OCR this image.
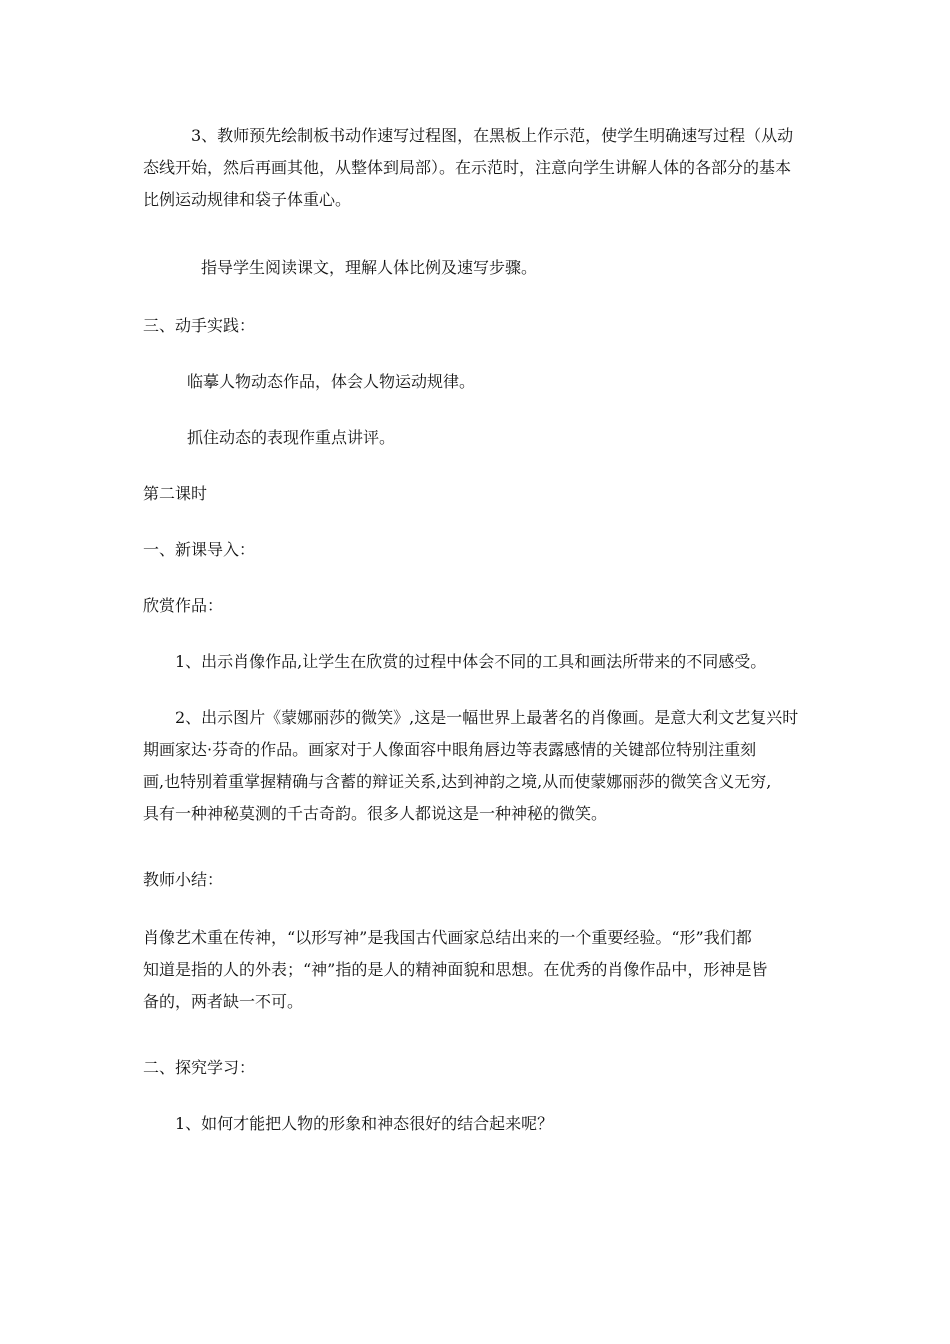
3、教师预先绘制板书动作速写过程图，在黑板上作示范，使学生明确速写过程（从动
态线开始，然后再画其他，从整体到局部）。在示范时，注意向学生讲解人体的各部分的基本
比例运动规律和袋子体重心。
指导学生阅读课文，理解人体比例及速写步骤。
三、动手实践：
临摹人物动态作品，体会人物运动规律。
抓住动态的表现作重点讲评。
第二课时
一、新课导入：
欣赏作品：
1、出示肖像作品,让学生在欣赏的过程中体会不同的工具和画法所带来的不同感受。
2、出示图片《蒙娜丽莎的微笑》,这是一幅世界上最著名的肖像画。是意大利文艺复兴时
期画家达·芬奇的作品。画家对于人像面容中眼角唇边等表露感情的关键部位特别注重刻
画,也特别着重掌握精确与含蓄的辩证关系,达到神韵之境,从而使蒙娜丽莎的微笑含义无穷,
具有一种神秘莫测的千古奇韵。很多人都说这是一种神秘的微笑。
教师小结：
肖像艺术重在传神，“以形写神”是我国古代画家总结出来的一个重要经验。“形”我们都
知道是指的人的外表；“神”指的是人的精神面貌和思想。在优秀的肖像作品中，形神是皆
备的，两者缺一不可。
二、探究学习：
1、如何才能把人物的形象和神态很好的结合起来呢？
